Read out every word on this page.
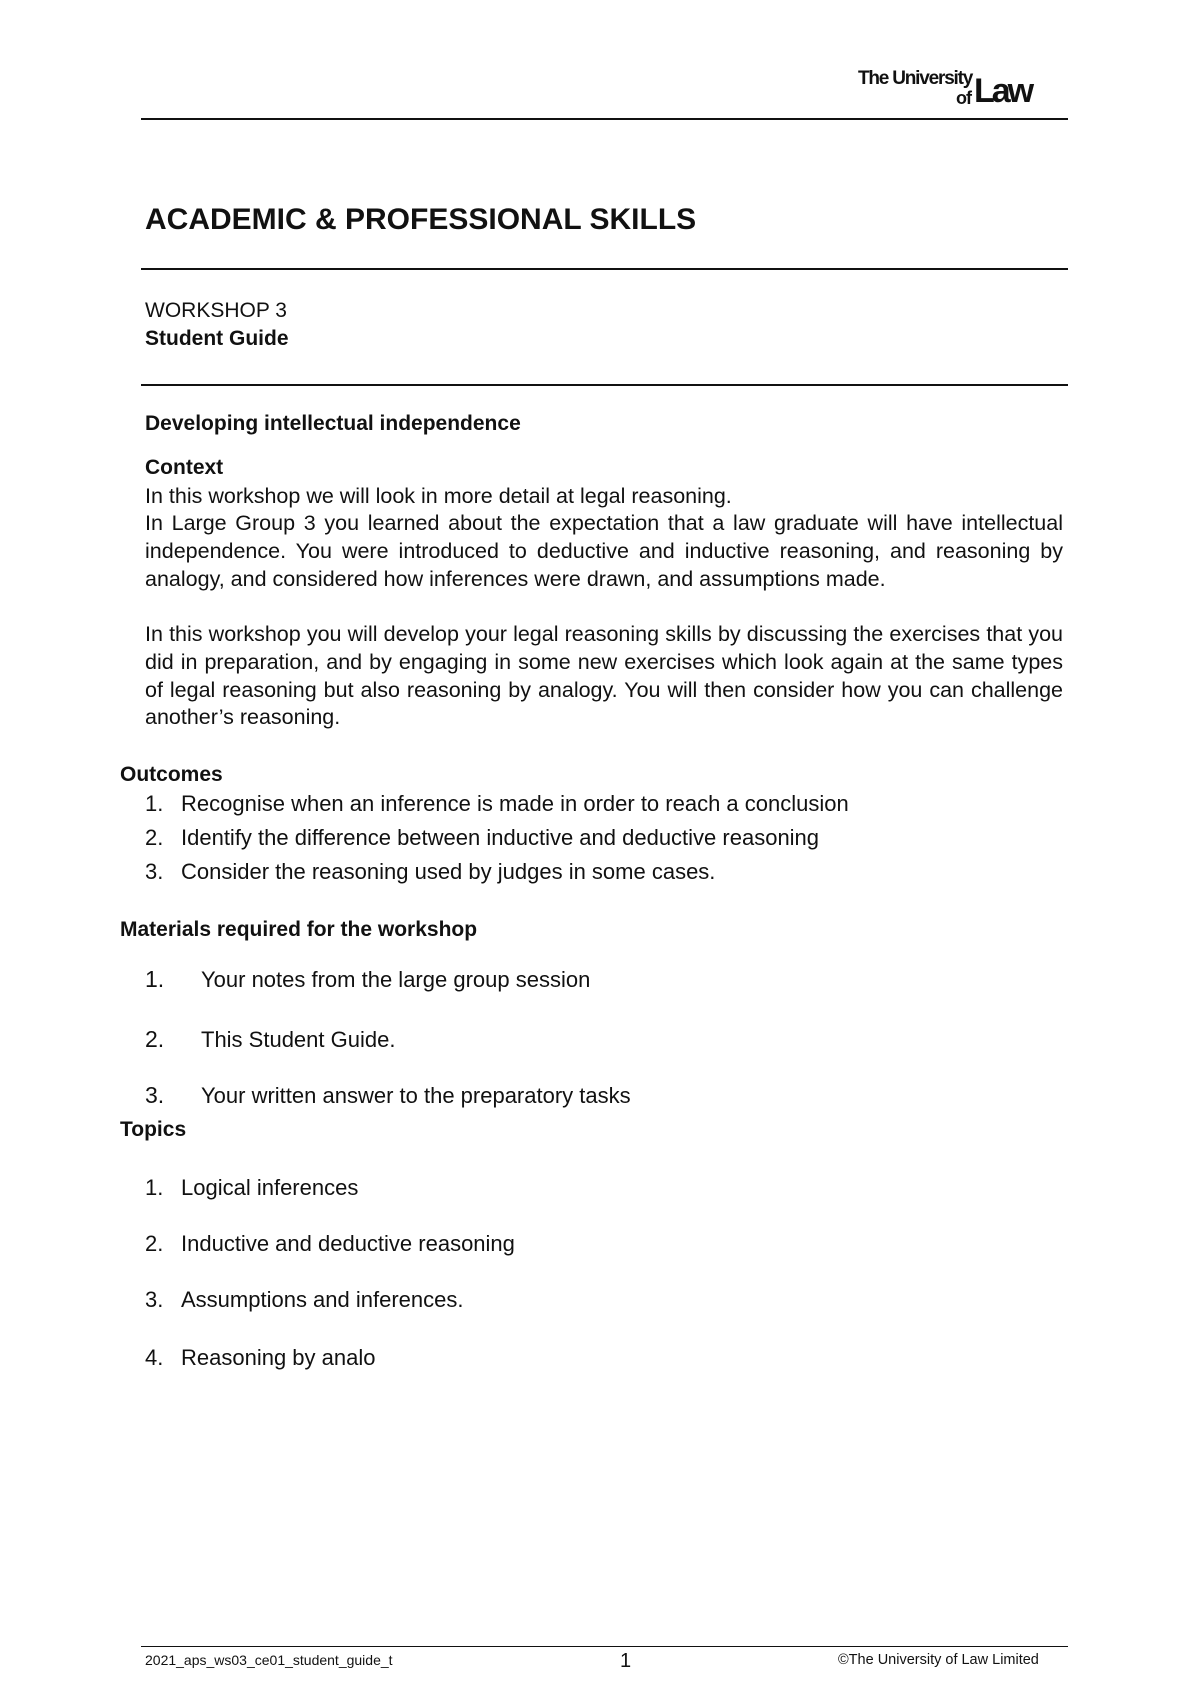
The University
of Law
ACADEMIC & PROFESSIONAL SKILLS
WORKSHOP 3
Student Guide
Developing intellectual independence
Context
In this workshop we will look in more detail at legal reasoning.
In Large Group 3 you learned about the expectation that a law graduate will have intellectual independence. You were introduced to deductive and inductive reasoning, and reasoning by analogy, and considered how inferences were drawn, and assumptions made.
In this workshop you will develop your legal reasoning skills by discussing the exercises that you did in preparation, and by engaging in some new exercises which look again at the same types of legal reasoning but also reasoning by analogy. You will then consider how you can challenge another’s reasoning.
Outcomes
1. Recognise when an inference is made in order to reach a conclusion
2. Identify the difference between inductive and deductive reasoning
3. Consider the reasoning used by judges in some cases.
Materials required for the workshop
1. Your notes from the large group session
2. This Student Guide.
3. Your written answer to the preparatory tasks
Topics
1. Logical inferences
2. Inductive and deductive reasoning
3. Assumptions and inferences.
4. Reasoning by analo
2021_aps_ws03_ce01_student_guide_t	1	©The University of Law Limited
